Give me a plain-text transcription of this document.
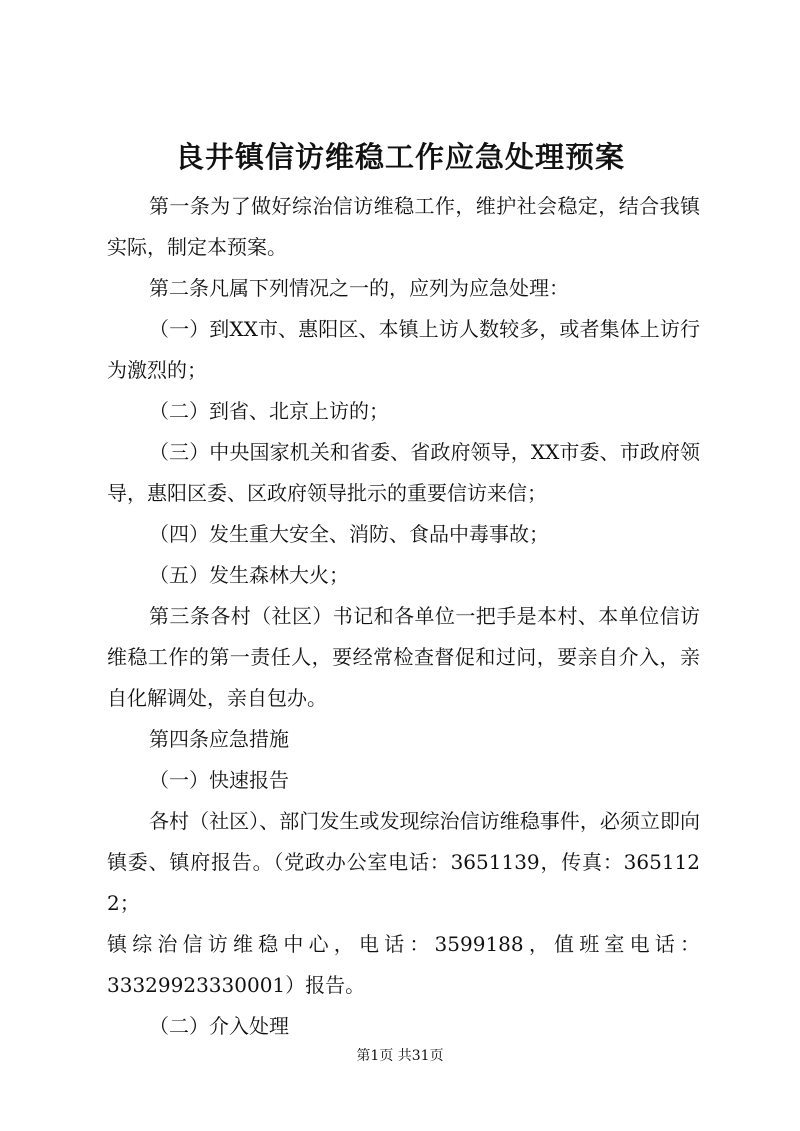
良井镇信访维稳工作应急处理预案

第一条为了做好综治信访维稳工作，维护社会稳定，结合我镇实际，制定本预案。

第二条凡属下列情况之一的，应列为应急处理：

（一）到XX市、惠阳区、本镇上访人数较多，或者集体上访行为激烈的；

（二）到省、北京上访的；

（三）中央国家机关和省委、省政府领导，XX市委、市政府领导，惠阳区委、区政府领导批示的重要信访来信；

（四）发生重大安全、消防、食品中毒事故；

（五）发生森林大火；

第三条各村（社区）书记和各单位一把手是本村、本单位信访维稳工作的第一责任人，要经常检查督促和过问，要亲自介入，亲自化解调处，亲自包办。

第四条应急措施

（一）快速报告

各村（社区）、部门发生或发现综治信访维稳事件，必须立即向镇委、镇府报告。（党政办公室电话：3651139，传真：3651122；

镇综治信访维稳中心，电话：3599188，值班室电话：

33329923330001）报告。

（二）介入处理

第1页 共31页
